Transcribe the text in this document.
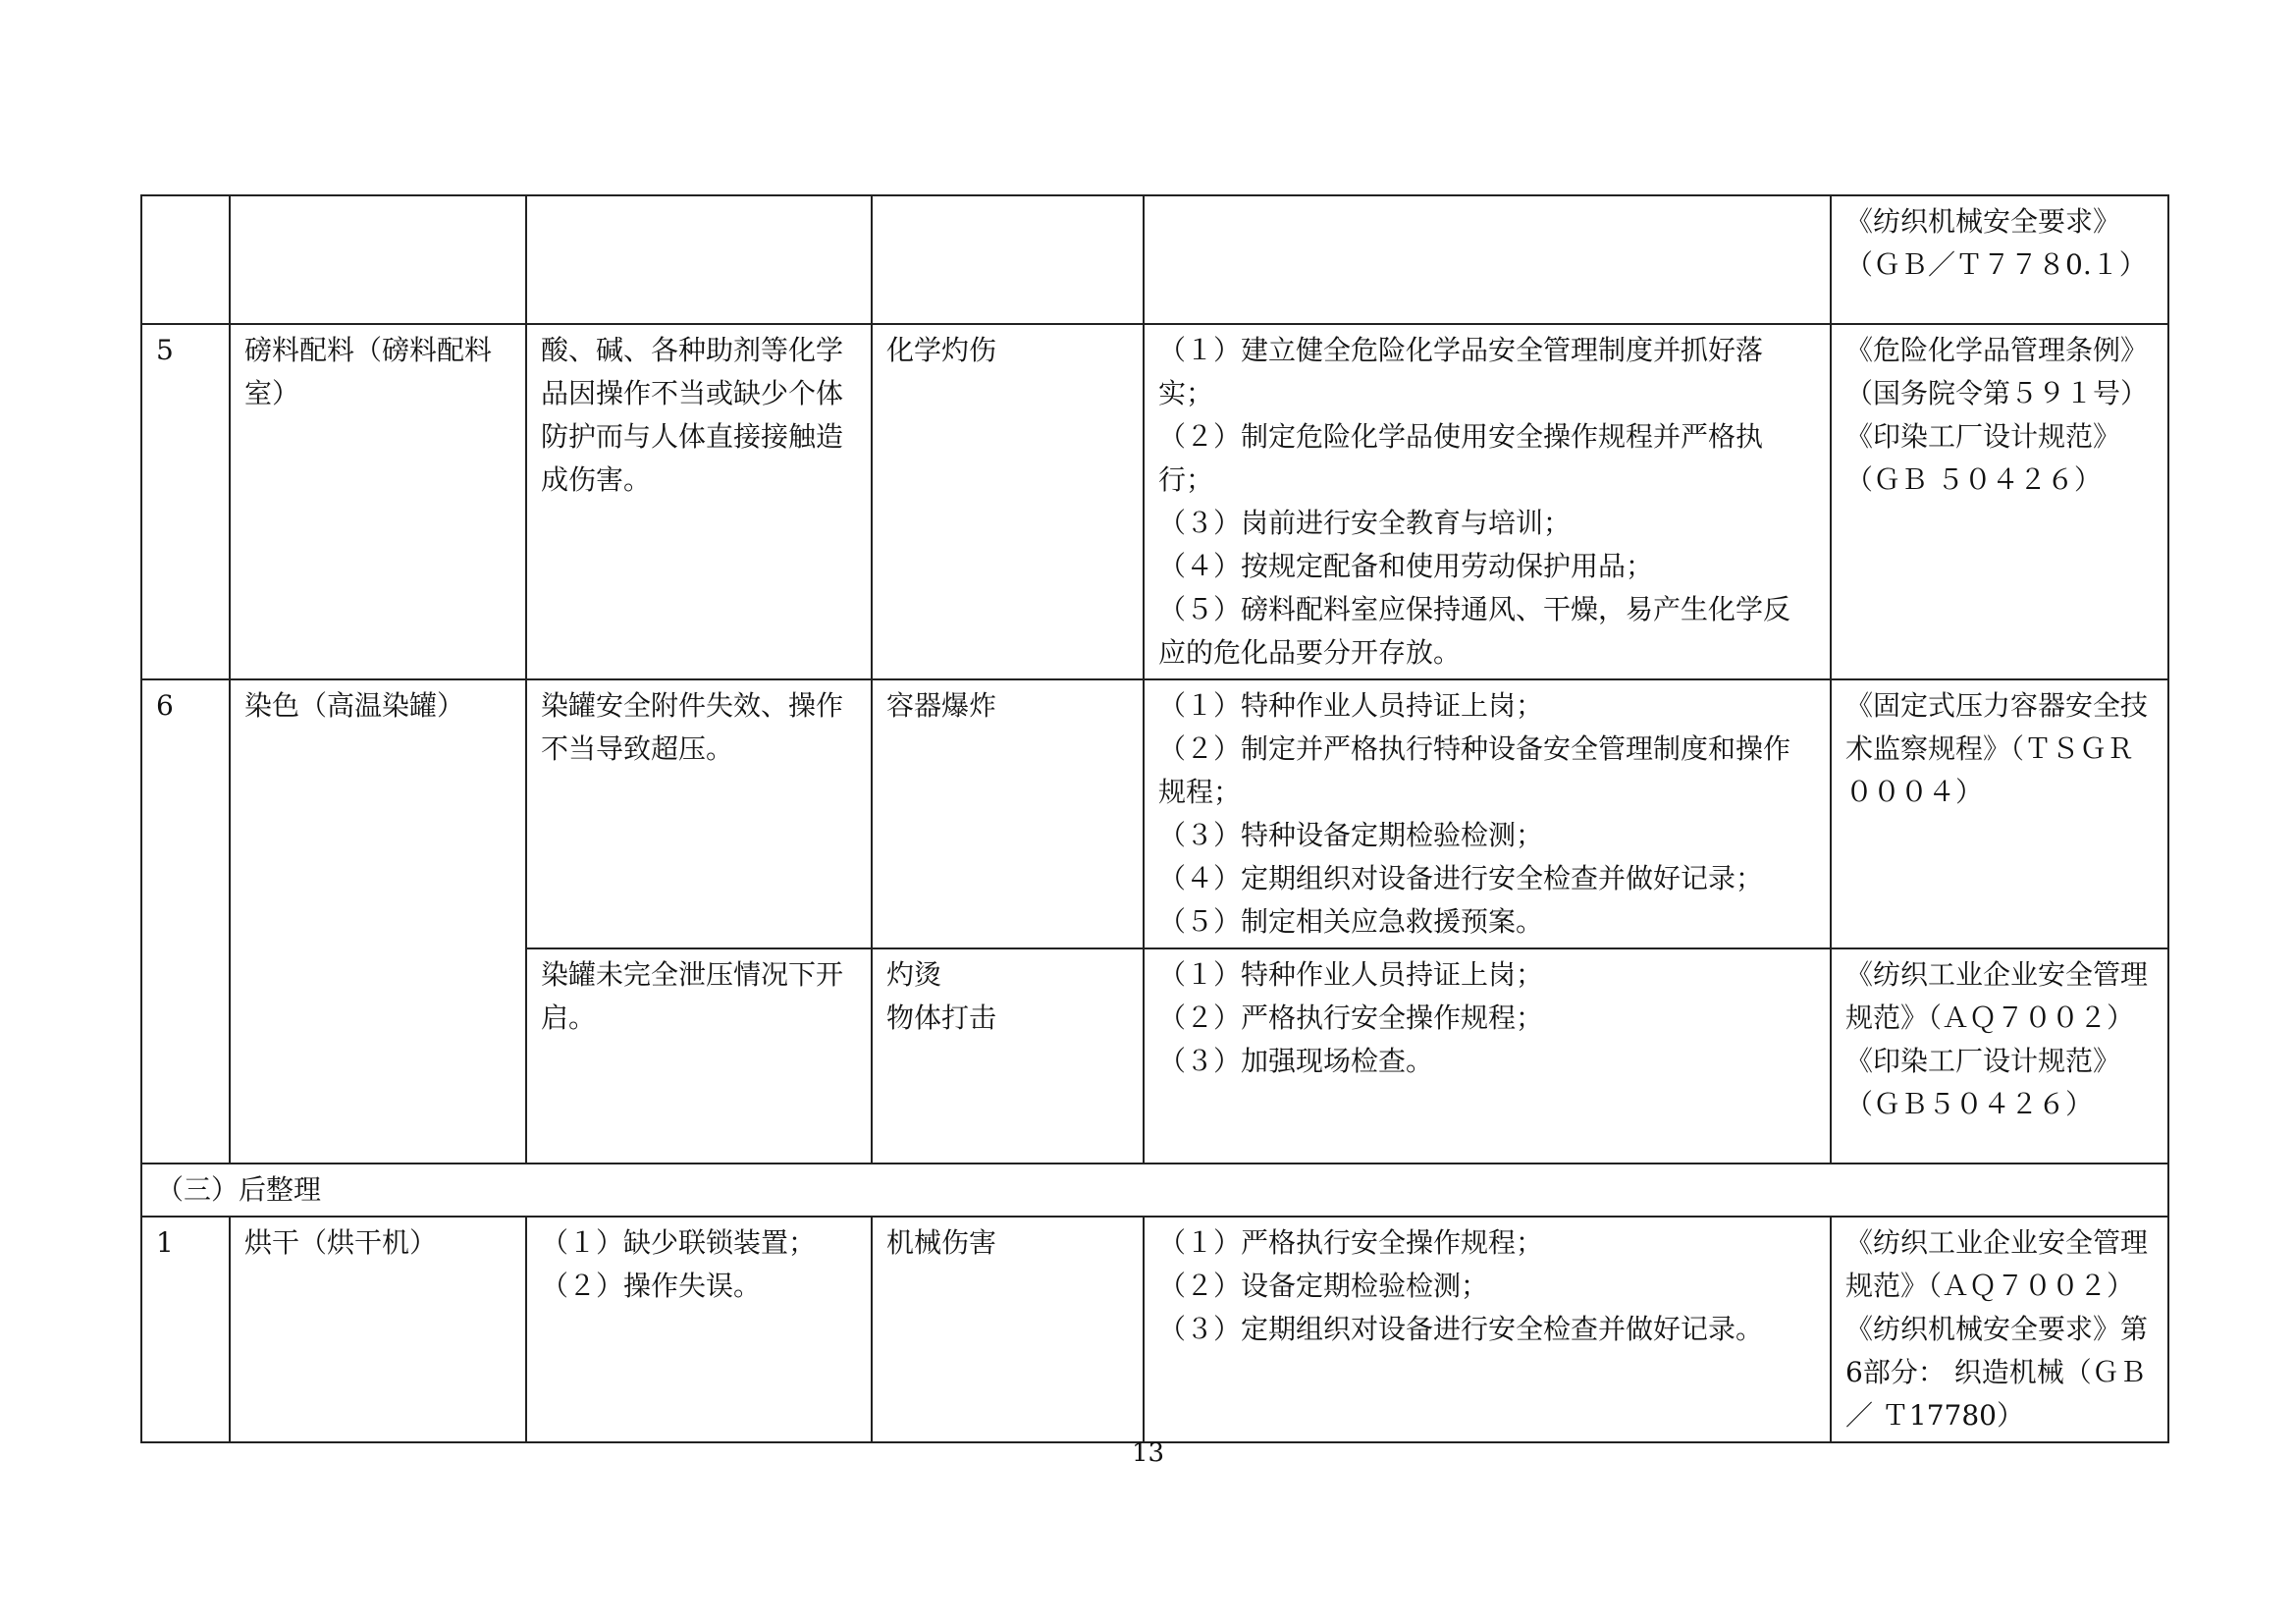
					《纺织机械安全要求》（ＧＢ／Ｔ７７８0.１）
5	磅料配料（磅料配料室）	酸、碱、各种助剂等化学品因操作不当或缺少个体防护而与人体直接接触造成伤害。	化学灼伤	（１）建立健全危险化学品安全管理制度并抓好落实；
（２）制定危险化学品使用安全操作规程并严格执行；
（３）岗前进行安全教育与培训；
（４）按规定配备和使用劳动保护用品；
（５）磅料配料室应保持通风、干燥，易产生化学反应的危化品要分开存放。	《危险化学品管理条例》（国务院令第５９１号）
《印染工厂设计规范》（ＧＢ ５０４２６）

6	染色（高温染罐）	染罐安全附件失效、操作不当导致超压。	容器爆炸	（１）特种作业人员持证上岗；
（２）制定并严格执行特种设备安全管理制度和操作规程；
（３）特种设备定期检验检测；
（４）定期组织对设备进行安全检查并做好记录；
（５）制定相关应急救援预案。	《固定式压力容器安全技术监察规程》（ＴＳＧＲ０００４）

		染罐未完全泄压情况下开启。	灼烫
物体打击	（１）特种作业人员持证上岗；
（２）严格执行安全操作规程；
（３）加强现场检查。	《纺织工业企业安全管理规范》（ＡＱ７００２）
《印染工厂设计规范》（ＧＢ５０４２６）

（三）后整理					
1	烘干（烘干机）	（１）缺少联锁装置；
（２）操作失误。	机械伤害	（１）严格执行安全操作规程；
（２）设备定期检验检测；
（３）定期组织对设备进行安全检查并做好记录。	《纺织工业企业安全管理规范》（ＡＱ７００２）
《纺织机械安全要求》第6部分： 织造机械（ＧＢ／ Ｔ17780）
13
